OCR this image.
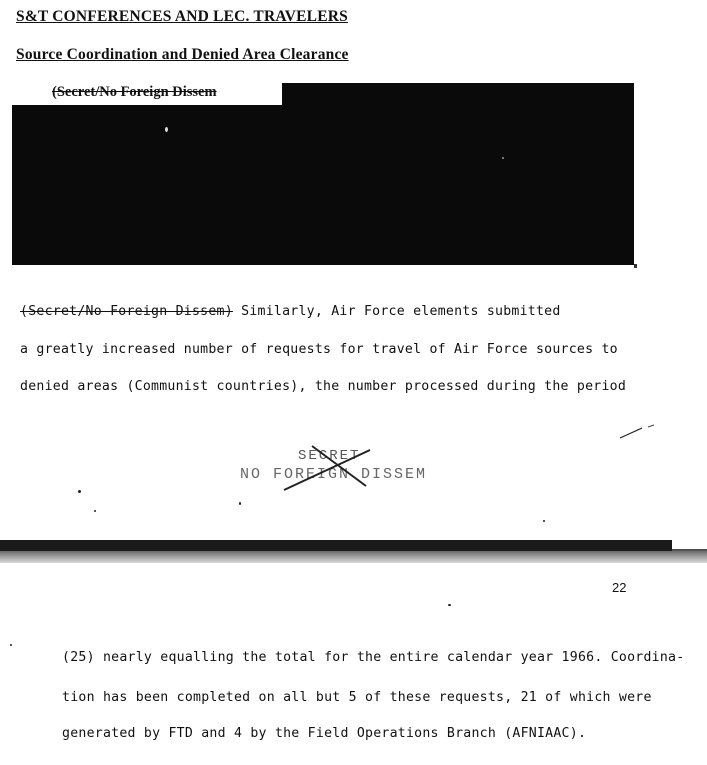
S&T CONFERENCES AND LEC. TRAVELERS
Source Coordination and Denied Area Clearance
(Secret/No Foreign Dissem
(Secret/No Foreign Dissem) Similarly, Air Force elements submitted
a greatly increased number of requests for travel of Air Force sources to
denied areas (Communist countries), the number processed during the period
SECRET
NO FOREIGN DISSEM
22
(25) nearly equalling the total for the entire calendar year 1966. Coordina-
tion has been completed on all but 5 of these requests, 21 of which were
generated by FTD and 4 by the Field Operations Branch (AFNIAAC).
